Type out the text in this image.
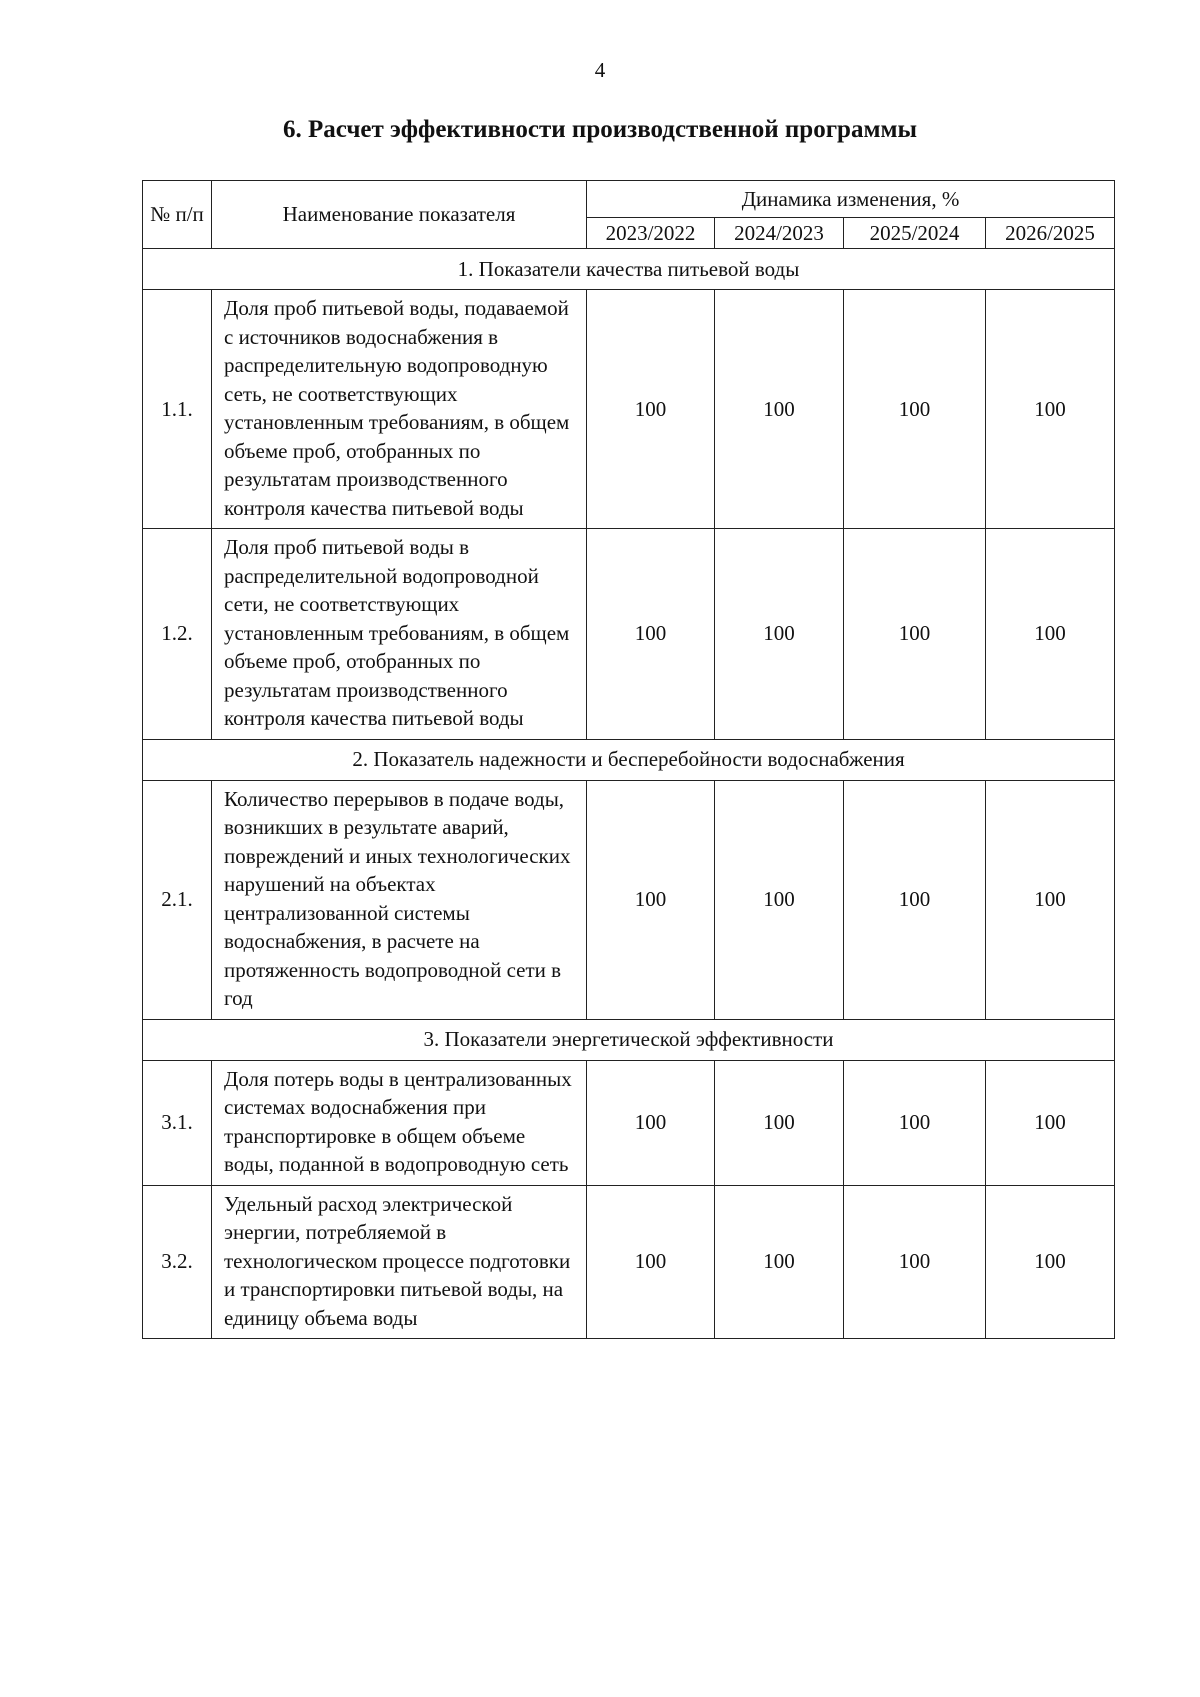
4
6. Расчет эффективности производственной программы
№ п/п	Наименование показателя	Динамика изменения, %			
		2023/2022	2024/2023	2025/2024	2026/2025
1. Показатели качества питьевой воды					
1.1.	Доля проб питьевой воды, подаваемой с источников водоснабжения в распределительную водопроводную сеть, не соответствующих установленным требованиям, в общем объеме проб, отобранных по результатам производственного контроля качества питьевой воды	100	100	100	100
1.2.	Доля проб питьевой воды в распределительной водопроводной сети, не соответствующих установленным требованиям, в общем объеме проб, отобранных по результатам производственного контроля качества питьевой воды	100	100	100	100
2. Показатель надежности и бесперебойности водоснабжения					
2.1.	Количество перерывов в подаче воды, возникших в результате аварий, повреждений и иных технологических нарушений на объектах централизованной системы водоснабжения, в расчете на протяженность водопроводной сети в год	100	100	100	100
3. Показатели энергетической эффективности					
3.1.	Доля потерь воды в централизованных системах водоснабжения при транспортировке в общем объеме воды, поданной в водопроводную сеть	100	100	100	100
3.2.	Удельный расход электрической энергии, потребляемой в технологическом процессе подготовки и транспортировки питьевой воды, на единицу объема воды	100	100	100	100
